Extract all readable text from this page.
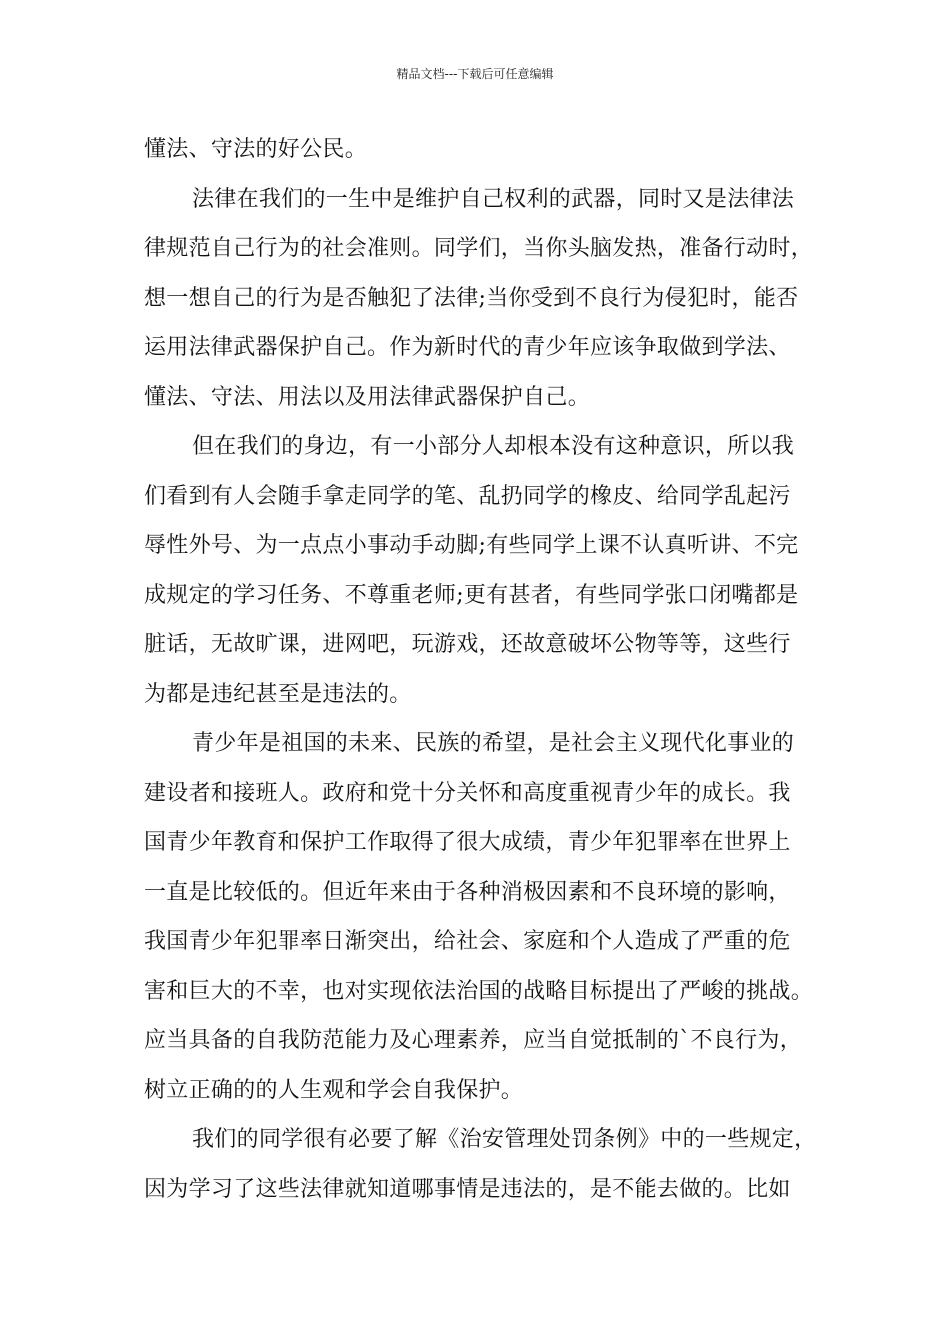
精品文档---下载后可任意编辑
懂法、守法的好公民。
法律在我们的一生中是维护自己权利的武器，同时又是法律法
律规范自己行为的社会准则。同学们，当你头脑发热，准备行动时，
想一想自己的行为是否触犯了法律;当你受到不良行为侵犯时，能否
运用法律武器保护自己。作为新时代的青少年应该争取做到学法、
懂法、守法、用法以及用法律武器保护自己。
但在我们的身边，有一小部分人却根本没有这种意识，所以我
们看到有人会随手拿走同学的笔、乱扔同学的橡皮、给同学乱起污
辱性外号、为一点点小事动手动脚;有些同学上课不认真听讲、不完
成规定的学习任务、不尊重老师;更有甚者，有些同学张口闭嘴都是
脏话，无故旷课，进网吧，玩游戏，还故意破坏公物等等，这些行
为都是违纪甚至是违法的。
青少年是祖国的未来、民族的希望，是社会主义现代化事业的
建设者和接班人。政府和党十分关怀和高度重视青少年的成长。我
国青少年教育和保护工作取得了很大成绩，青少年犯罪率在世界上
一直是比较低的。但近年来由于各种消极因素和不良环境的影响，
我国青少年犯罪率日渐突出，给社会、家庭和个人造成了严重的危
害和巨大的不幸，也对实现依法治国的战略目标提出了严峻的挑战。
应当具备的自我防范能力及心理素养，应当自觉抵制的`不良行为，
树立正确的的人生观和学会自我保护。
我们的同学很有必要了解《治安管理处罚条例》中的一些规定，
因为学习了这些法律就知道哪事情是违法的，是不能去做的。比如
